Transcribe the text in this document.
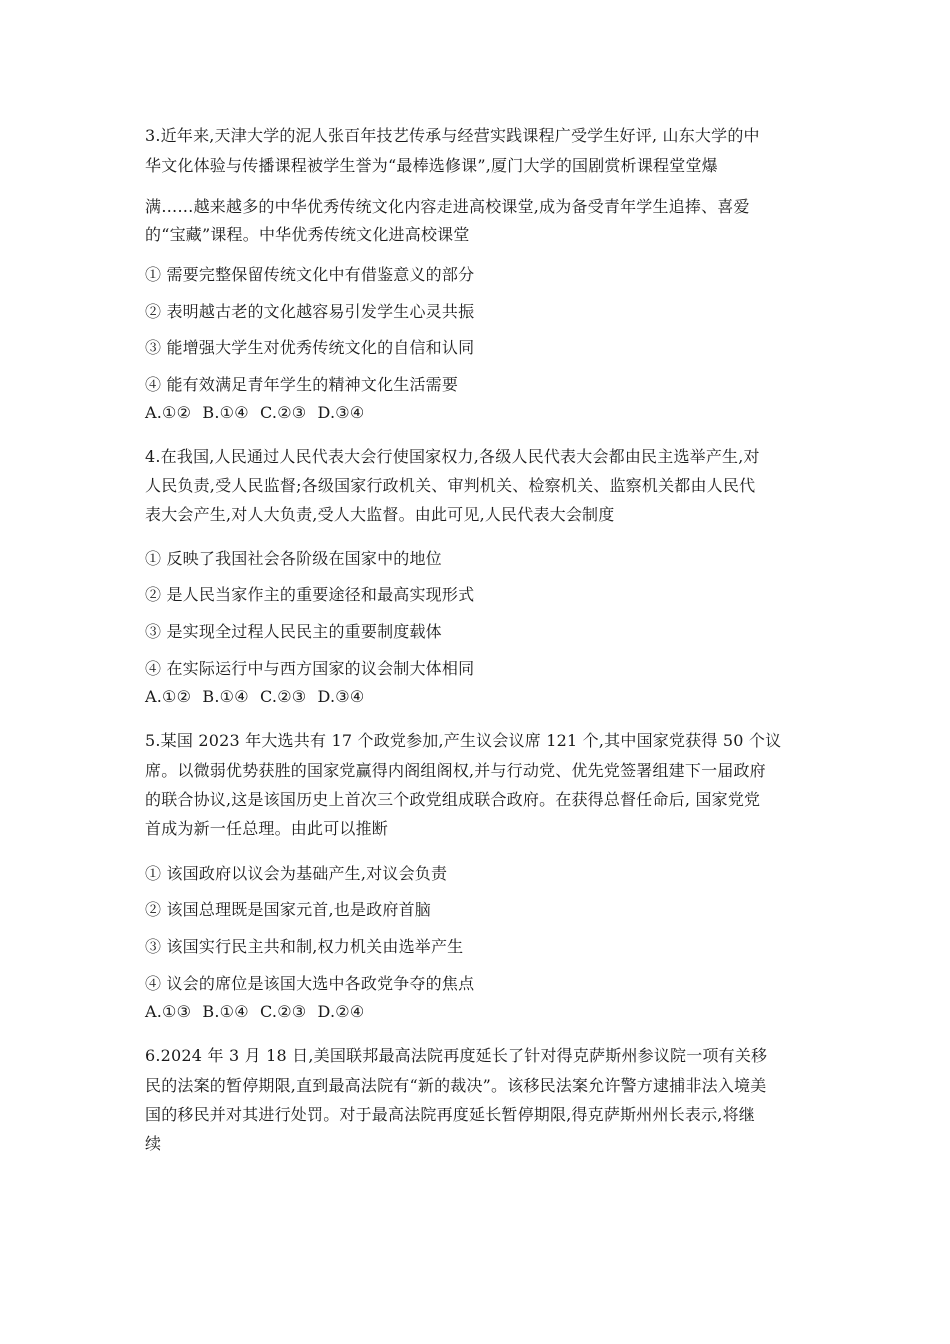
3.近年来,天津大学的泥人张百年技艺传承与经营实践课程广受学生好评, 山东大学的中
华文化体验与传播课程被学生誉为“最棒选修课”,厦门大学的国剧赏析课程堂堂爆
满……越来越多的中华优秀传统文化内容走进高校课堂,成为备受青年学生追捧、喜爱
的“宝藏”课程。中华优秀传统文化进高校课堂
① 需要完整保留传统文化中有借鉴意义的部分
② 表明越古老的文化越容易引发学生心灵共振
③ 能增强大学生对优秀传统文化的自信和认同
④ 能有效满足青年学生的精神文化生活需要
A.①② B.①④ C.②③ D.③④
4.在我国,人民通过人民代表大会行使国家权力,各级人民代表大会都由民主选举产生,对
人民负责,受人民监督;各级国家行政机关、审判机关、检察机关、监察机关都由人民代
表大会产生,对人大负责,受人大监督。由此可见,人民代表大会制度
① 反映了我国社会各阶级在国家中的地位
② 是人民当家作主的重要途径和最高实现形式
③ 是实现全过程人民民主的重要制度载体
④ 在实际运行中与西方国家的议会制大体相同
A.①② B.①④ C.②③ D.③④
5.某国 2023 年大选共有 17 个政党参加,产生议会议席 121 个,其中国家党获得 50 个议
席。以微弱优势获胜的国家党赢得内阁组阁权,并与行动党、优先党签署组建下一届政府
的联合协议,这是该国历史上首次三个政党组成联合政府。在获得总督任命后, 国家党党
首成为新一任总理。由此可以推断
① 该国政府以议会为基础产生,对议会负责
② 该国总理既是国家元首,也是政府首脑
③ 该国实行民主共和制,权力机关由选举产生
④ 议会的席位是该国大选中各政党争夺的焦点
A.①③ B.①④ C.②③ D.②④
6.2024 年 3 月 18 日,美国联邦最高法院再度延长了针对得克萨斯州参议院一项有关移
民的法案的暂停期限,直到最高法院有“新的裁决”。该移民法案允许警方逮捕非法入境美
国的移民并对其进行处罚。对于最高法院再度延长暂停期限,得克萨斯州州长表示,将继
续
